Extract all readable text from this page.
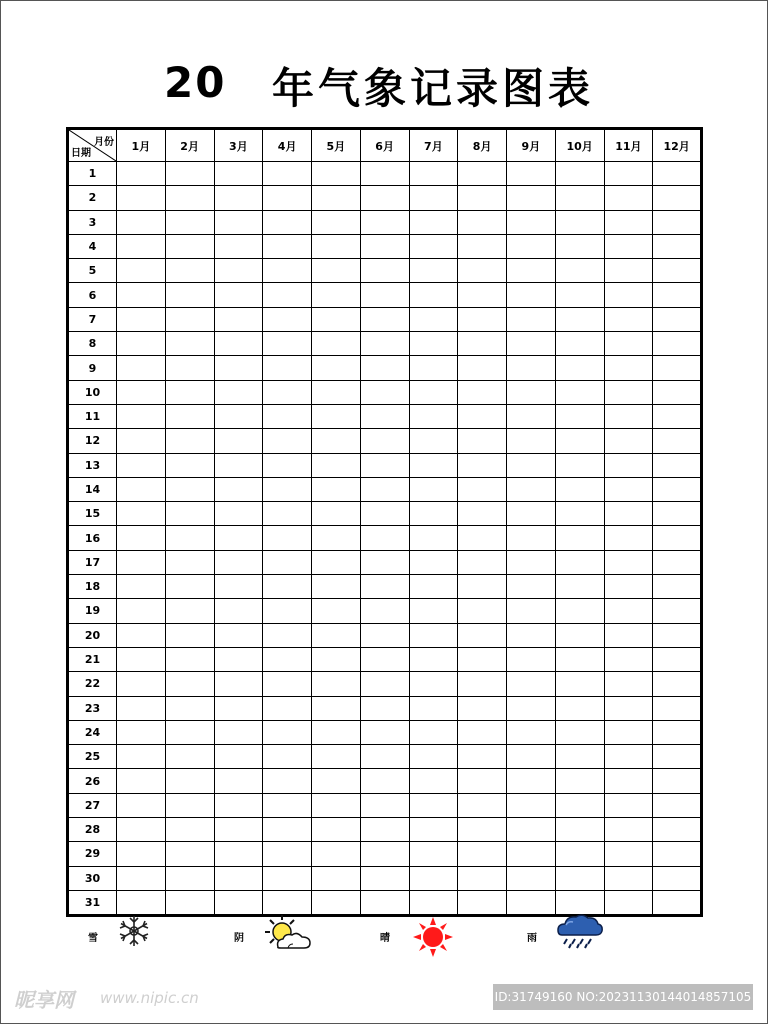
20 年气象记录图表
月份
日期	1月	2月	3月	4月	5月	6月	7月	8月	9月	10月	11月	12月
1												
2												
3												
4												
5												
6												
7												
8												
9												
10												
11												
12												
13												
14												
15												
16												
17												
18												
19												
20												
21												
22												
23												
24												
25												
26												
27												
28												
29												
30												
31												
雪	阴	晴	雨
昵享网 www.nipic.cn	ID:31749160 NO:20231130144014857105
